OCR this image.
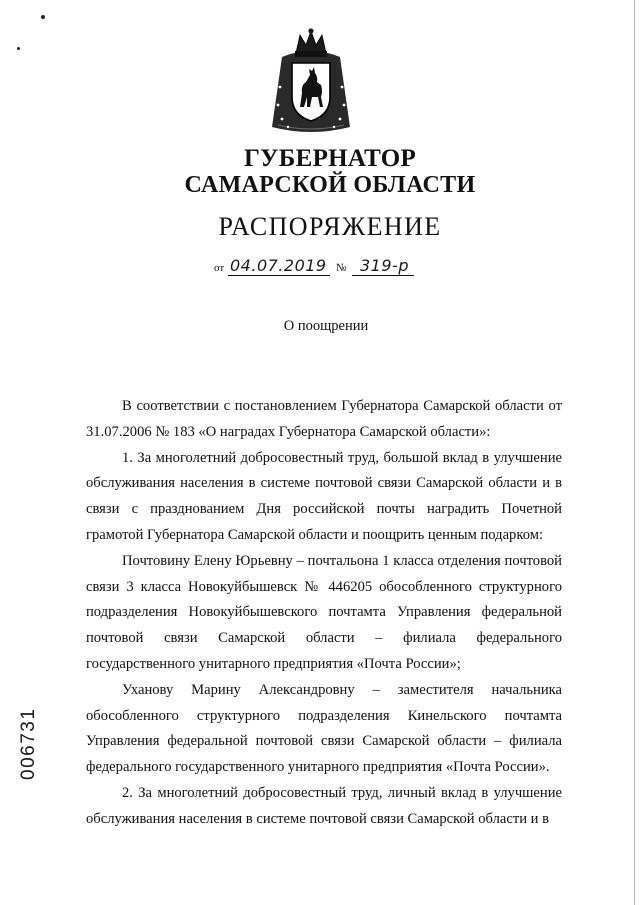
ГУБЕРНАТОР
САМАРСКОЙ ОБЛАСТИ
РАСПОРЯЖЕНИЕ
от 04.07.2019 № 319-р
О поощрении

В соответствии с постановлением Губернатора Самарской области от 31.07.2006 № 183 «О наградах Губернатора Самарской области»:

1. За многолетний добросовестный труд, большой вклад в улучшение обслуживания населения в системе почтовой связи Самарской области и в связи с празднованием Дня российской почты наградить Почетной грамотой Губернатора Самарской области и поощрить ценным подарком:

Почтовину Елену Юрьевну – почтальона 1 класса отделения почтовой связи 3 класса Новокуйбышевск № 446205 обособленного структурного подразделения Новокуйбышевского почтамта Управления федеральной почтовой связи Самарской области – филиала федерального государственного унитарного предприятия «Почта России»;

Уханову Марину Александровну – заместителя начальника обособленного структурного подразделения Кинельского почтамта Управления федеральной почтовой связи Самарской области – филиала федерального государственного унитарного предприятия «Почта России».

2. За многолетний добросовестный труд, личный вклад в улучшение обслуживания населения в системе почтовой связи Самарской области и в

006731
